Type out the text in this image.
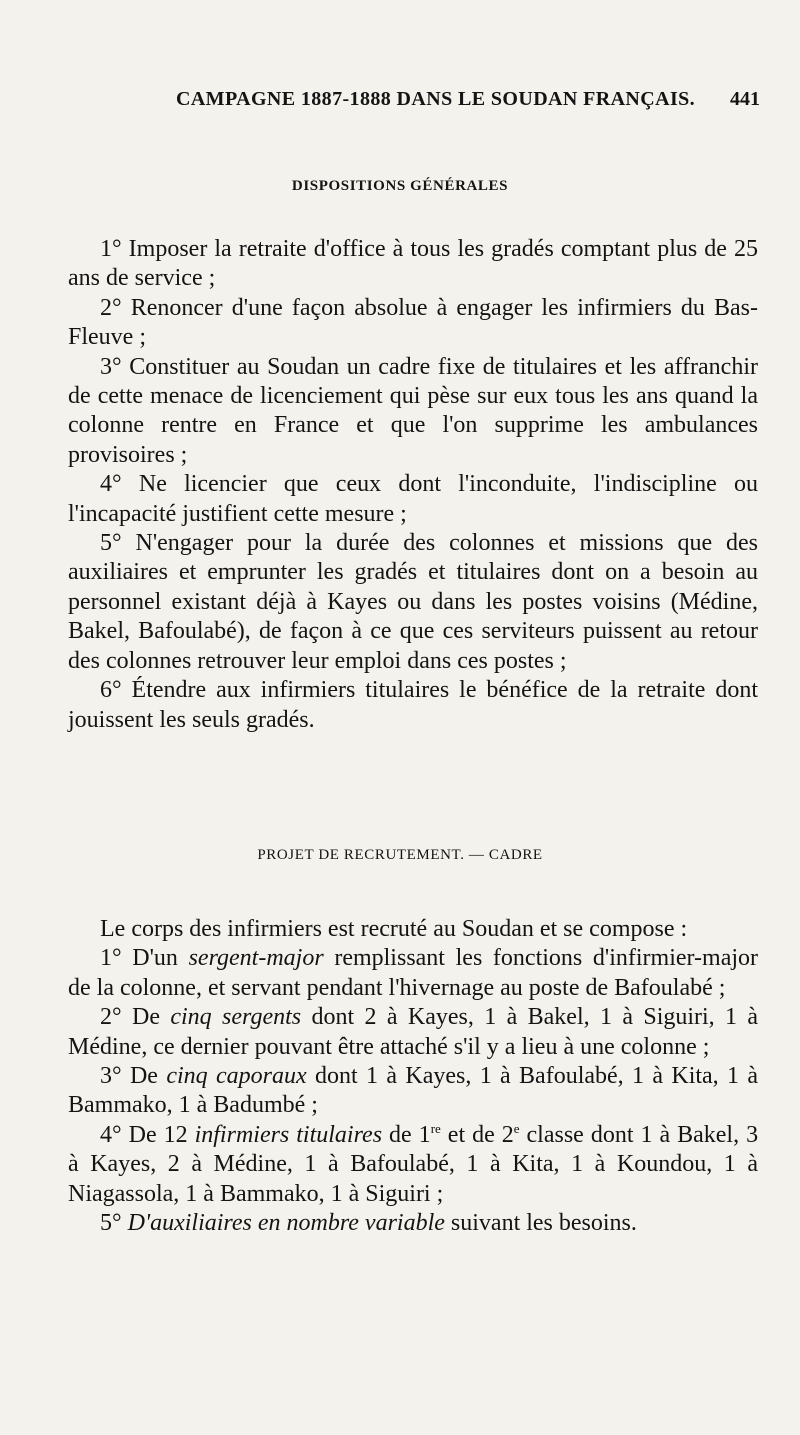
CAMPAGNE 1887-1888 DANS LE SOUDAN FRANÇAIS. 441
DISPOSITIONS GÉNÉRALES

1° Imposer la retraite d'office à tous les gradés comptant plus de 25 ans de service ;

2° Renoncer d'une façon absolue à engager les infirmiers du Bas-Fleuve ;

3° Constituer au Soudan un cadre fixe de titulaires et les affranchir de cette menace de licenciement qui pèse sur eux tous les ans quand la colonne rentre en France et que l'on supprime les ambulances provisoires ;

4° Ne licencier que ceux dont l'inconduite, l'indiscipline ou l'incapacité justifient cette mesure ;

5° N'engager pour la durée des colonnes et missions que des auxiliaires et emprunter les gradés et titulaires dont on a besoin au personnel existant déjà à Kayes ou dans les postes voisins (Médine, Bakel, Bafoulabé), de façon à ce que ces serviteurs puissent au retour des colonnes retrouver leur emploi dans ces postes ;

6° Étendre aux infirmiers titulaires le bénéfice de la retraite dont jouissent les seuls gradés.

PROJET DE RECRUTEMENT. — CADRE

Le corps des infirmiers est recruté au Soudan et se compose :

1° D'un sergent-major remplissant les fonctions d'infirmier-major de la colonne, et servant pendant l'hivernage au poste de Bafoulabé ;

2° De cinq sergents dont 2 à Kayes, 1 à Bakel, 1 à Siguiri, 1 à Médine, ce dernier pouvant être attaché s'il y a lieu à une colonne ;

3° De cinq caporaux dont 1 à Kayes, 1 à Bafoulabé, 1 à Kita, 1 à Bammako, 1 à Badumbé ;

4° De 12 infirmiers titulaires de 1re et de 2e classe dont 1 à Bakel, 3 à Kayes, 2 à Médine, 1 à Bafoulabé, 1 à Kita, 1 à Koundou, 1 à Niagassola, 1 à Bammako, 1 à Siguiri ;

5° D'auxiliaires en nombre variable suivant les besoins.
